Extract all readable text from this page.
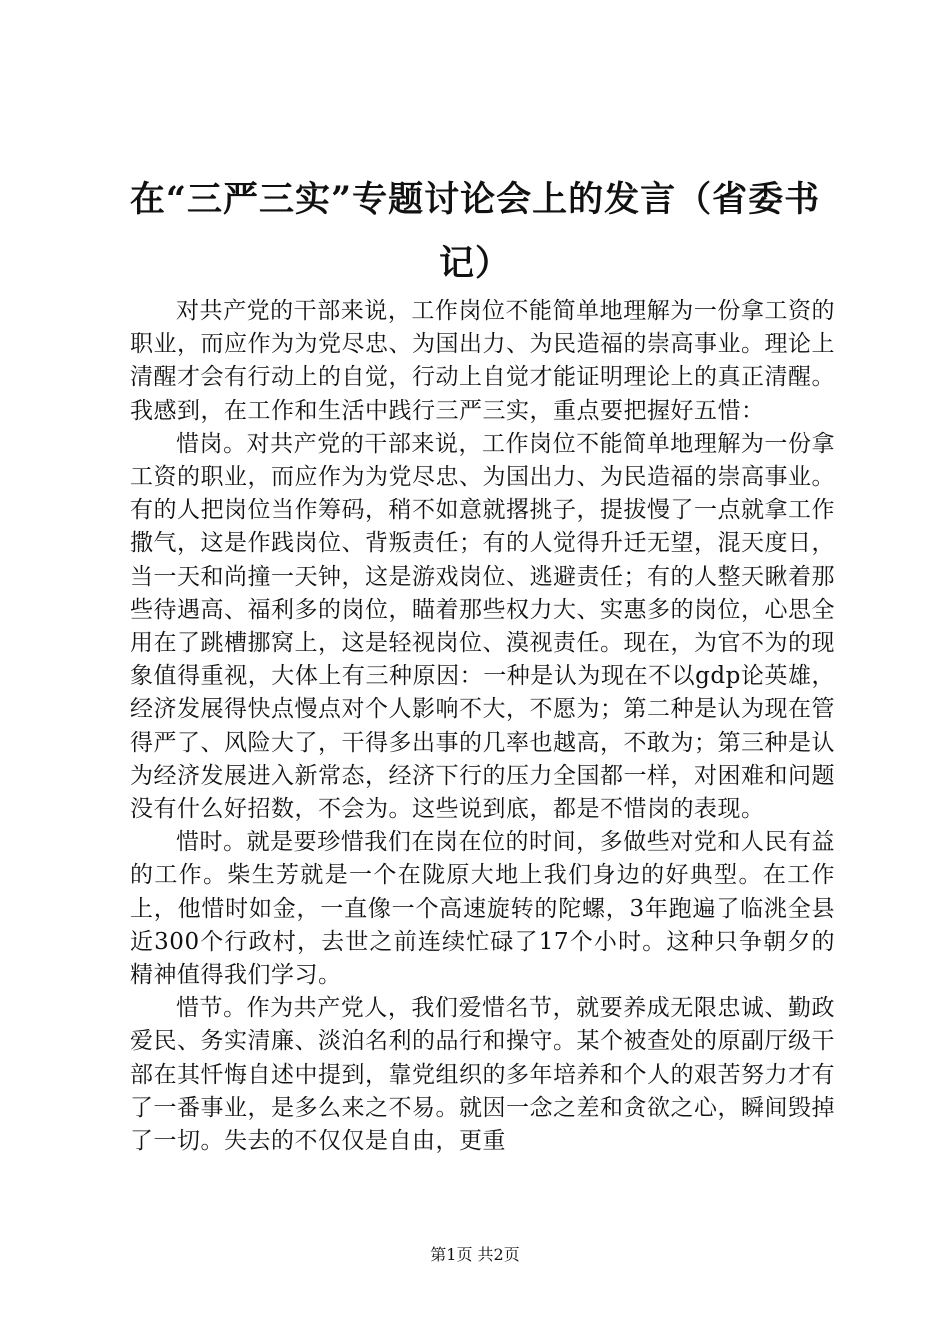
在“三严三实”专题讨论会上的发言（省委书记）

对共产党的干部来说，工作岗位不能简单地理解为一份拿工资的职业，而应作为为党尽忠、为国出力、为民造福的崇高事业。理论上清醒才会有行动上的自觉，行动上自觉才能证明理论上的真正清醒。我感到，在工作和生活中践行三严三实，重点要把握好五惜：

惜岗。对共产党的干部来说，工作岗位不能简单地理解为一份拿工资的职业，而应作为为党尽忠、为国出力、为民造福的崇高事业。有的人把岗位当作筹码，稍不如意就撂挑子，提拔慢了一点就拿工作撒气，这是作践岗位、背叛责任；有的人觉得升迁无望，混天度日，当一天和尚撞一天钟，这是游戏岗位、逃避责任；有的人整天瞅着那些待遇高、福利多的岗位，瞄着那些权力大、实惠多的岗位，心思全用在了跳槽挪窝上，这是轻视岗位、漠视责任。现在，为官不为的现象值得重视，大体上有三种原因：一种是认为现在不以gdp论英雄，经济发展得快点慢点对个人影响不大，不愿为；第二种是认为现在管得严了、风险大了，干得多出事的几率也越高，不敢为；第三种是认为经济发展进入新常态，经济下行的压力全国都一样，对困难和问题没有什么好招数，不会为。这些说到底，都是不惜岗的表现。

惜时。就是要珍惜我们在岗在位的时间，多做些对党和人民有益的工作。柴生芳就是一个在陇原大地上我们身边的好典型。在工作上，他惜时如金，一直像一个高速旋转的陀螺，3年跑遍了临洮全县近300个行政村，去世之前连续忙碌了17个小时。这种只争朝夕的精神值得我们学习。

惜节。作为共产党人，我们爱惜名节，就要养成无限忠诚、勤政爱民、务实清廉、淡泊名利的品行和操守。某个被查处的原副厅级干部在其忏悔自述中提到，靠党组织的多年培养和个人的艰苦努力才有了一番事业，是多么来之不易。就因一念之差和贪欲之心，瞬间毁掉了一切。失去的不仅仅是自由，更重

第1页 共2页
